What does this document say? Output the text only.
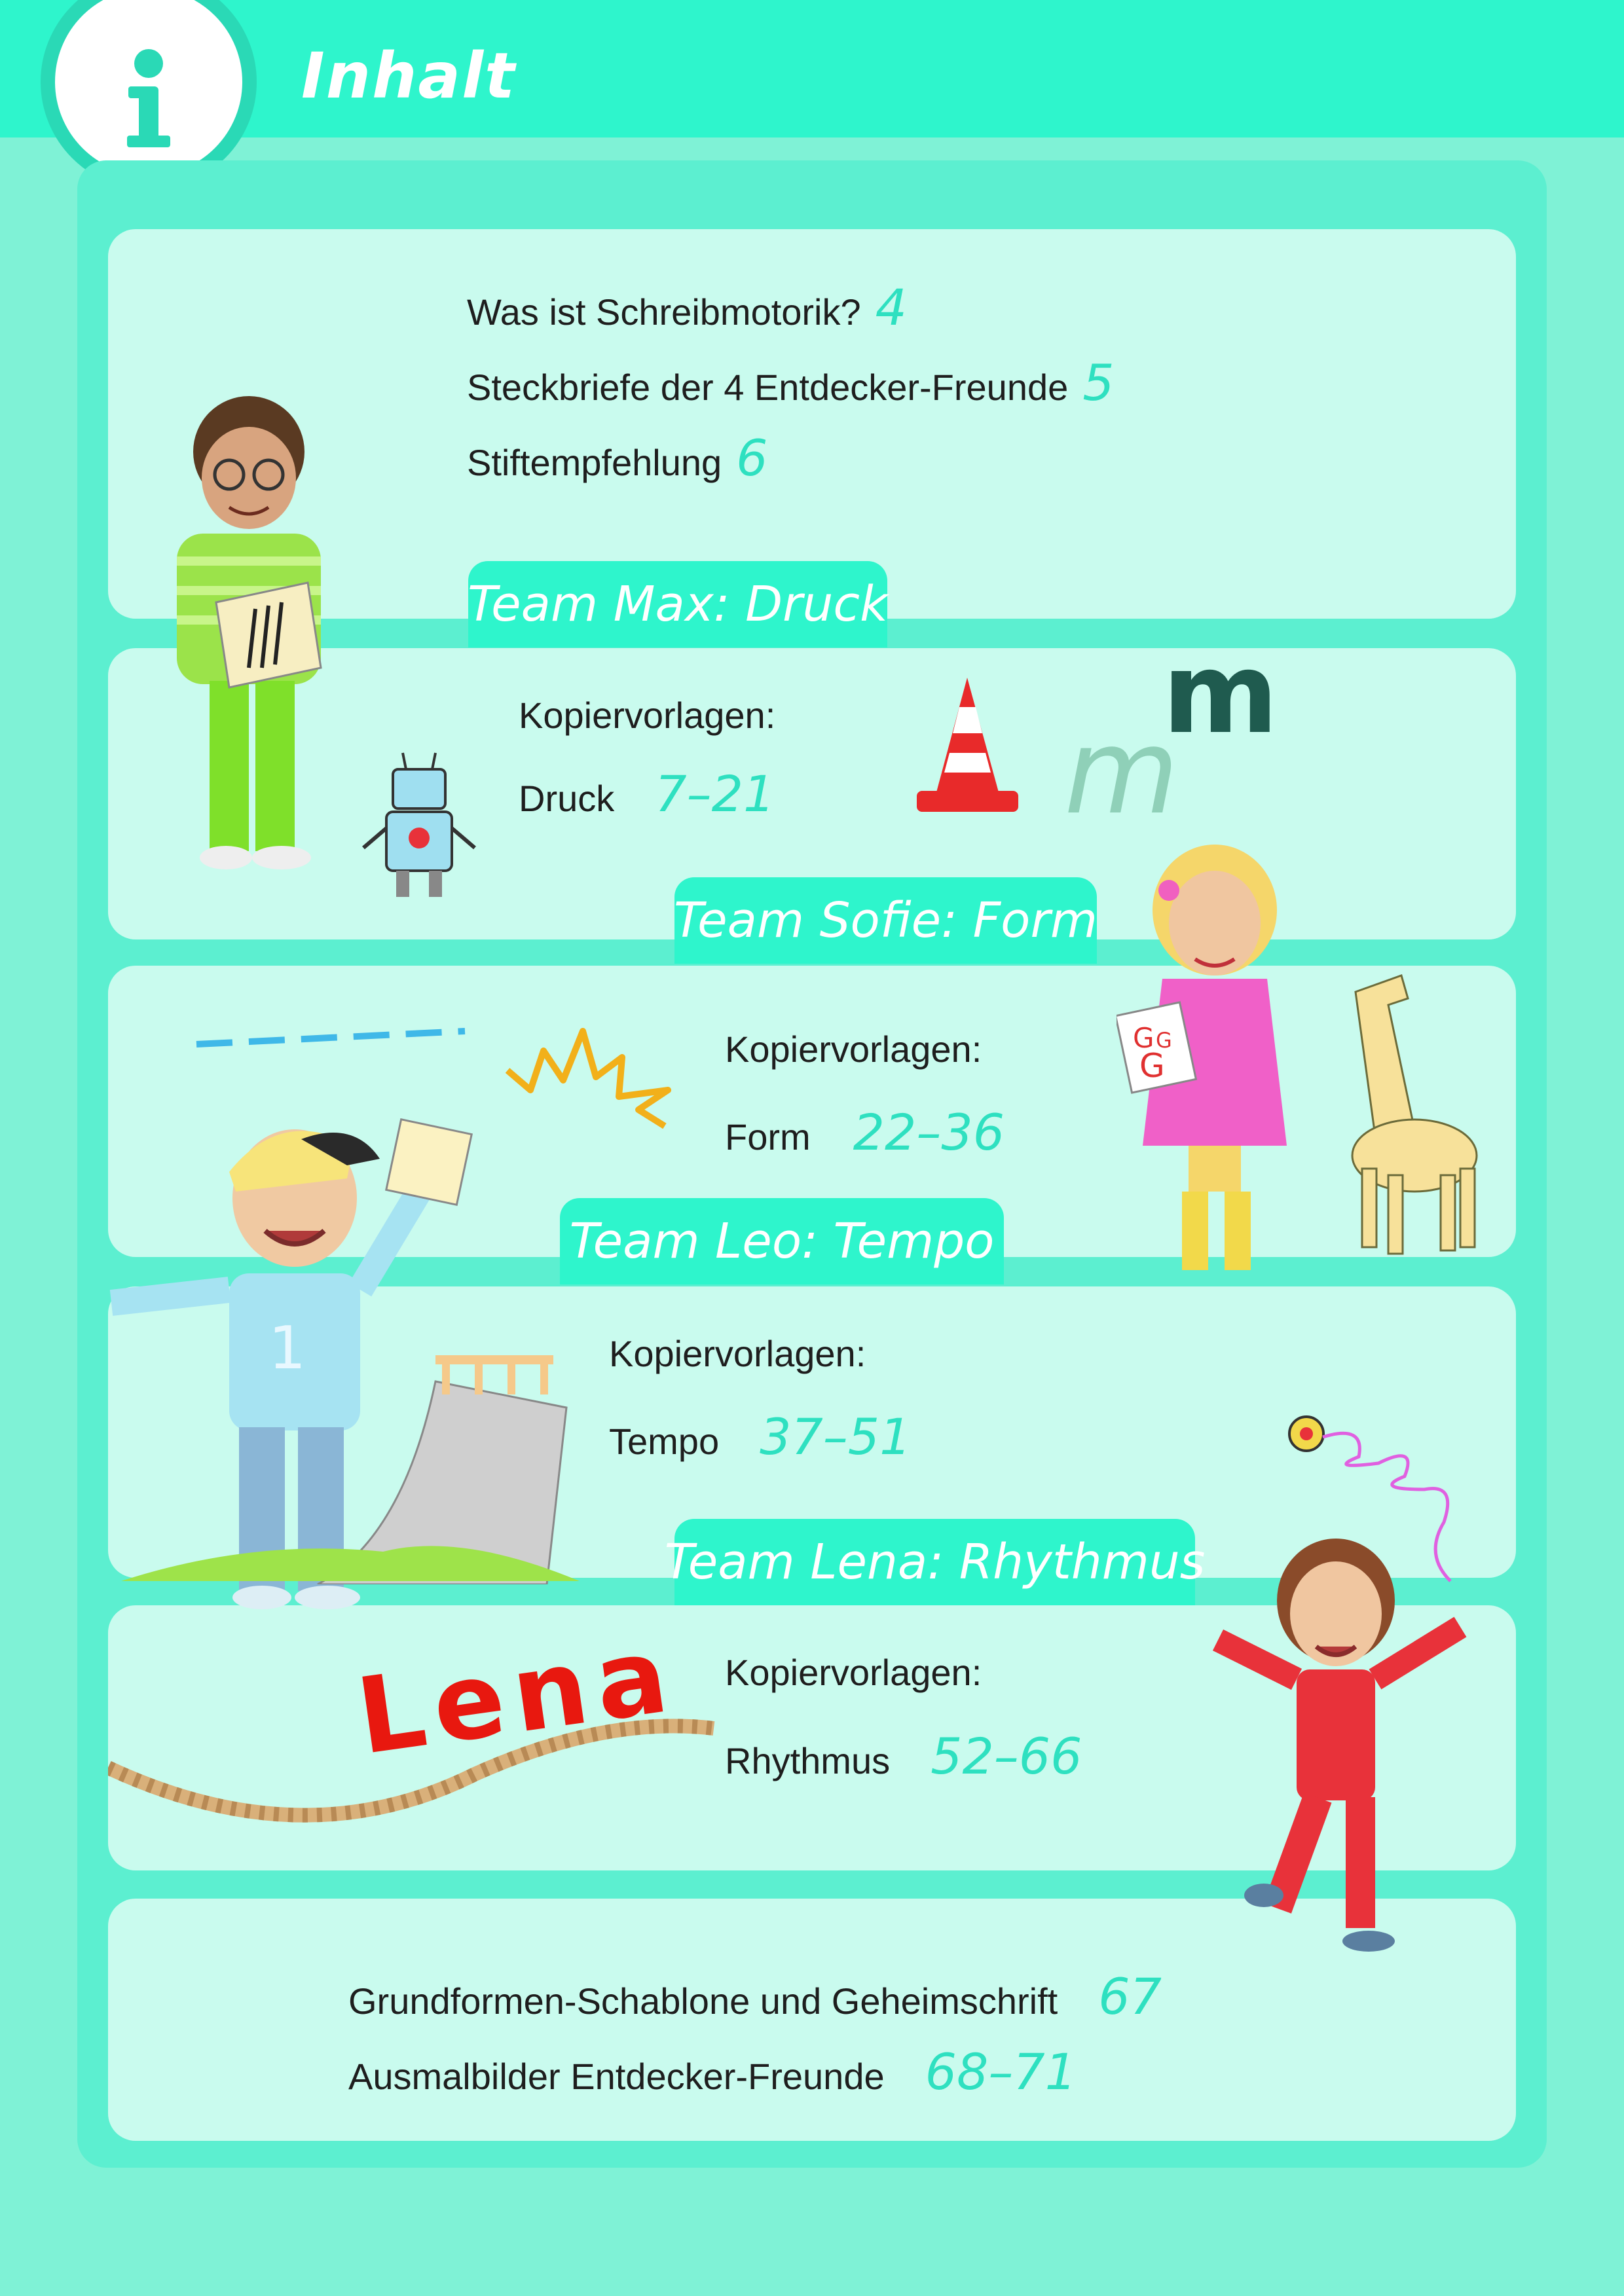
Inhalt
Was ist Schreibmotorik? 4
Steckbriefe der 4 Entdecker-Freunde 5
Stiftempfehlung 6
Team Max: Druck
Team Sofie: Form
Team Leo: Tempo
Team Lena: Rhythmus
Kopiervorlagen:
Druck 7–21
Kopiervorlagen:
Form 22–36
Kopiervorlagen:
Tempo 37–51
Kopiervorlagen:
Rhythmus 52–66
Grundformen-Schablone und Geheimschrift 67
Ausmalbilder Entdecker-Freunde 68–71
m
m
G G
G
1
Lena
